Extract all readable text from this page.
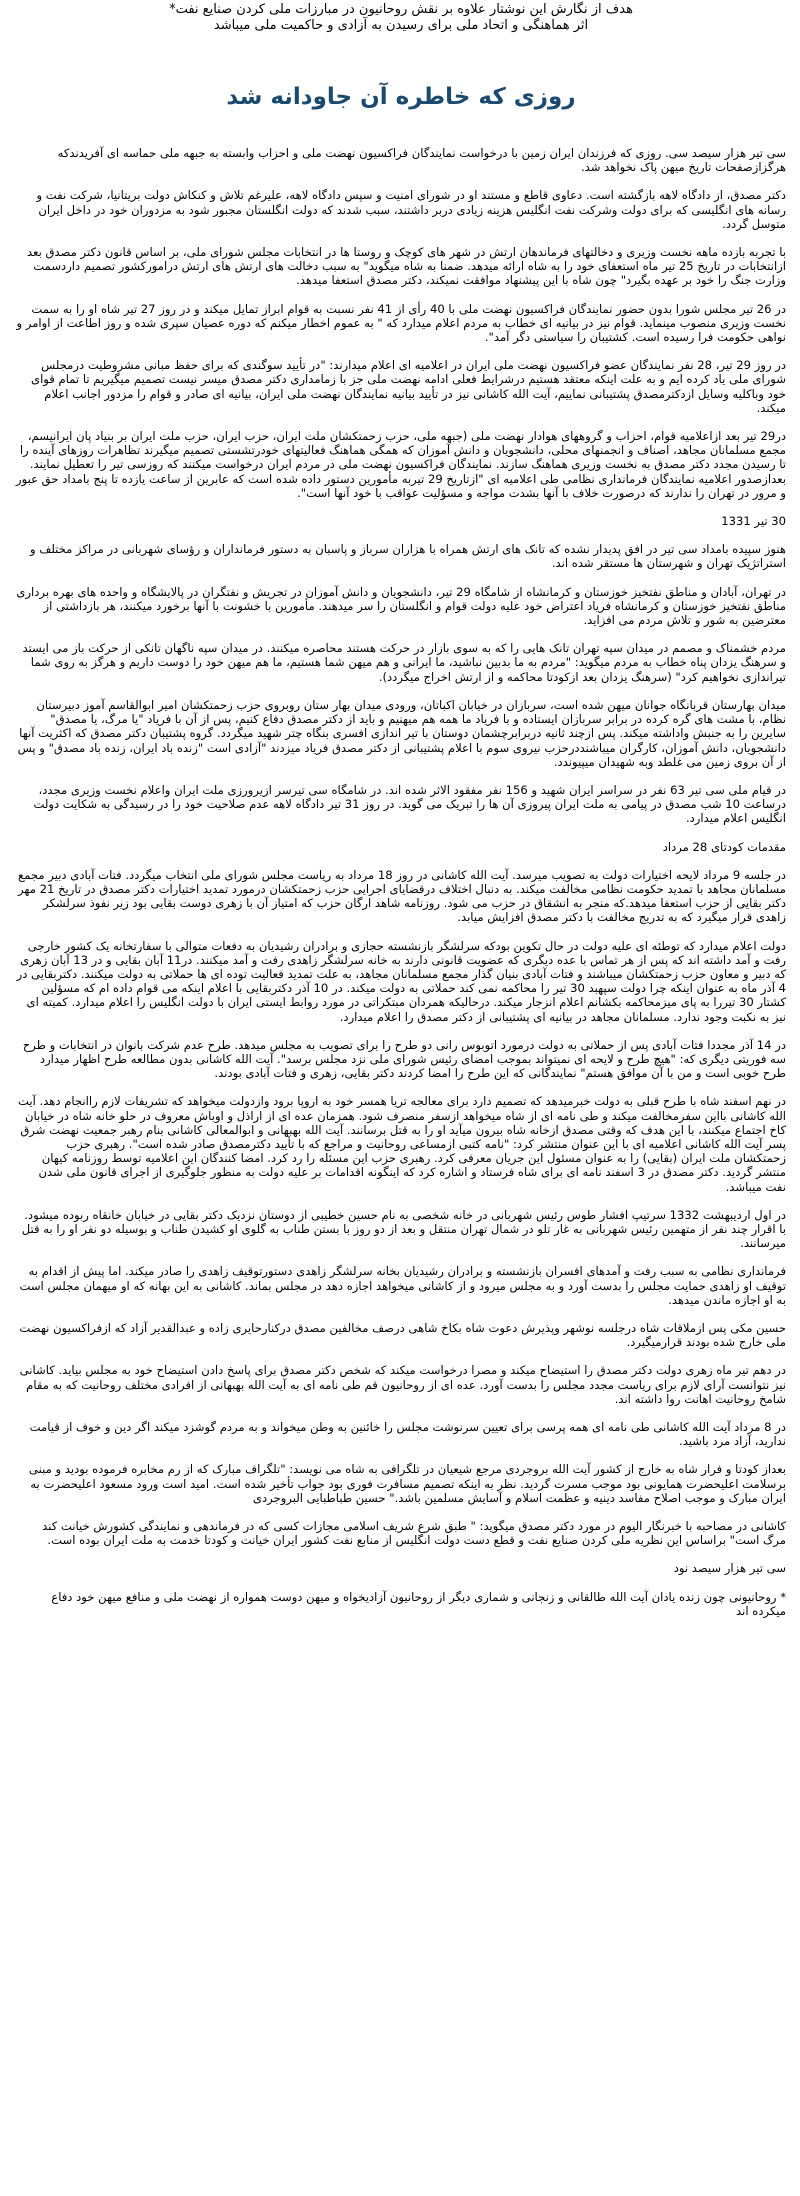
هدف از نگارش این نوشتار علاوه بر نقش روحانیون در مبارزات ملی کردن صنایع نفت*
اثر هماهنگی و اتحاد ملی برای رسیدن به آزادی و حاکمیت ملی میباشد
روزی که خاطره آن جاودانه شد

سی تیر هزار سیصد سی. روزی که فرزندان ایران زمین با درخواست نمایندگان فراکسیون نهضت ملی و احزاب وابسته به جبهه ملی حماسه ای آفریدندکه هرگزازصفحات تاریخ میهن پاک نخواهد شد.

دکتر مصدق، از دادگاه لاهه بازگشته است. دعاوی قاطع و مستند او در شورای امنیت و سپس دادگاه لاهه، علیرغم تلاش و کنکاش دولت بریتانیا، شرکت نفت و رسانه های انگلیسی که برای دولت وشرکت نفت انگلیس هزینه زیادی دربر داشتند، سبب شدند که دولت انگلستان مجبور شود به مزدوران خود در داخل ایران متوسل گردد.

با تجربه بازده ماهه نخست وزیری و دخالتهای فرماندهان ارتش در شهر های کوچک و روستا ها در انتخابات مجلس شورای ملی، بر اساس قانون دکتر مصدق بعد ازانتخابات در تاریخ 25 تیر ماه استعفای خود را به شاه ارائه میدهد. ضمنا به شاه میگوید" به سبب دخالت های ارتش های ارتش درامورکشور تصمیم داردسمت وزارت جنگ را خود بر عهده بگیرد" چون شاه با این پیشنهاد موافقت نمیکند، دکتر مصدق استعفا میدهد.

در 26 تیر مجلس شورا بدون حضور نمایندگان فراکسیون نهضت ملی با 40 رأی از 41 نفر نسبت به قوام ابراز تمایل میکند و در روز 27 تیر شاه او را به سمت نخست وزیری منصوب مینماید. قوام نیز در بیانیه ای خطاب به مردم اعلام میدارد که " به عموم اخطار میکنم که دوره عصیان سپری شده و روز اطاعت از اوامر و نواهی حکومت فرا رسیده است. کشتیبان را سیاستی دگر آمد".

در روز 29 تیر، 28 نفر نمایندگان عضو فراکسیون نهضت ملی ایران در اعلامیه ای اعلام میدارند: "در تأیید سوگندی که برای حفظ مبانی مشروطیت درمجلس شورای ملی یاد کرده ایم و به علت اینکه معتقد هستیم درشرایط فعلی ادامه نهضت ملی جز با زمامداری دکتر مصدق میسر نیست تصمیم میگیریم تا تمام قوای خود وباکلیه وسایل ازدکترمصدق پشتیبانی نماییم، آیت الله کاشانی نیز در تأیید بیانیه نمایندگان نهضت ملی ایران، بیانیه ای صادر و قوام را مزدور اجانب اعلام میکند.

در29 تیر بعد ازاعلامیه قوام، احزاب و گروههای هوادار نهضت ملی (جبهه ملی، حزب زحمتکشان ملت ایران، حزب ایران، حزب ملت ایران بر بنیاد پان ایرانیسم، مجمع مسلمانان مجاهد، اصناف و انجمنهای محلی، دانشجویان و دانش آموزان که همگی هماهنگ فعالیتهای خودرتشستی تصمیم میگیرند تظاهرات روزهای آینده را تا رسیدن مجدد دکتر مصدق به نخست وزیری هماهنگ سازند. نمایندگان فراکسیون نهضت ملی در مردم ایران درخواست میکنند که روزسی تیر را تعطیل نمایند. بعدازصدور اعلامیه نمایندگان فرمانداری نظامی طی اعلامیه ای "ازتاریخ 29 تیربه مأمورین دستور داده شده است که عابرین از ساعت یازده تا پنج بامداد حق عبور و مرور در تهران را ندارند که درصورت خلاف با آنها بشدت مواجه و مسؤلیت عواقب با خود آنها است".

30 تیر 1331

هنوز سپیده بامداد سی تیر در افق پدیدار نشده که تانک های ارتش همراه با هزاران سرباز و پاسبان به دستور فرمانداران و رؤسای شهربانی در مراکز مختلف و استراتژیک تهران و شهرستان ها مستقر شده اند.

در تهران، آبادان و مناطق نفتخیز خوزستان و کرمانشاه از شامگاه 29 تیر، دانشجویان و دانش آموزان در تجریش و نفتگران در پالایشگاه و واحده های بهره برداری مناطق نفتخیز خوزستان و کرمانشاه فریاد اعتراض خود علیه دولت قوام و انگلستان را سر میدهند. مأمورین با خشونت با آنها برخورد میکنند، هر بازداشتی از معترضین به شور و تلاش مردم می افزاید.

مردم خشمناک و مصمم در میدان سپه تهران تانک هایی را که به سوی بازار در حرکت هستند محاصره میکنند. در میدان سپه ناگهان تانکی از حرکت باز می ایستد و سرهنگ یزدان پناه خطاب به مردم میگوید: "مردم به ما بدبین نباشید، ما ایرانی و هم میهن شما هستیم، ما هم میهن خود را دوست داریم و هرگز به روی شما تیراندازی نخواهیم کرد" (سرهنگ یزدان بعد ازکودتا محاکمه و از ارتش اخراج میگردد).

میدان بهارستان قربانگاه جوانان میهن شده است، سربازان در خیابان اکباتان، ورودی میدان بهار ستان روبروی حزب زحمتکشان امیر ابوالقاسم آموز دبیرستان نظام، با مشت های گره کرده در برابر سربازان ایستاده و با فریاد ما همه هم میهنیم و باید از دکتر مصدق دفاع کنیم، پس از آن با فریاد "یا مرگ، یا مصدق" سایرین را به جنبش واداشته میکند. پس ازچند ثانیه دربرابرچشمان دوستان با تیر اندازی افسری بنگاه چتر شهید میگردد. گروه پشتیبان دکتر مصدق که اکثریت آنها دانشجویان، دانش آموزان، کارگران میباشنددرحزب نیروی سوم با اعلام پشتیبانی از دکتر مصدق فریاد میزدند "آزادی است "زنده باد ایران، زنده باد مصدق" و پس از آن بروی زمین می غلطد وبه شهیدان میپیوندد.

در قیام ملی سی تیر 63 نفر در سراسر ایران شهید و 156 نفر مفقود الاثر شده اند. در شامگاه سی تیرسر ازیرورزی ملت ایران واعلام نخست وزیری مجدد، درساعت 10 شب مصدق در پیامی به ملت ایران پیروزی آن ها را تبریک می گوید. در روز 31 تیر دادگاه لاهه عدم صلاحیت خود را در رسیدگی به شکایت دولت انگلیس اعلام میدارد.

مقدمات کودتای 28 مرداد

در جلسه 9 مرداد لایحه اختیارات دولت به تصویب میرسد. آیت الله کاشانی در روز 18 مرداد به ریاست مجلس شورای ملی انتخاب میگردد. فتات آبادی دبیر مجمع مسلمانان مجاهد با تمدید حکومت نظامی مخالفت میکند. به دنبال اختلاف درقضایای اجرایی حزب زحمتکشان درمورد تمدید اختیارات دکتر مصدق در تاریخ 21 مهر دکتر بقایی از حزب استعفا میدهد.که منجر به انشقاق در حزب می شود. روزنامه شاهد ارگان حزب که امتیاز آن با زهری دوست بقایی بود زیر نفوذ سرلشکر زاهدی قرار میگیرد که به تدریج مخالفت با دکتر مصدق افزایش میابد.

دولت اعلام میدارد که توطئه ای علیه دولت در حال تکوین بودکه سرلشگر بازنشسته حجازی و برادران رشیدیان به دفعات متوالی با سفارتخانه یک کشور خارجی رفت و آمد داشته اند که پس از هر تماس با عده دیگری که عضویت قانونی دارند به خانه سرلشگر زاهدی رفت و آمد میکنند. در11 آبان بقایی و در 13 آبان زهری که دبیر و معاون حزب زحمتکشان میباشند و فتات آبادی بنیان گذار مجمع مسلمانان مجاهد، به علت تمدید فعالیت توده ای ها حملاتی به دولت میکنند. دکتربقایی در 4 آذر ماه به عنوان اینکه چرا دولت سپهبد 30 تیر را محاکمه نمی کند حملاتی به دولت میکند. در 10 آذر دکتربقایی با اعلام اینکه می قوام داده ام که مسؤلین کشتار 30 تیررا به پای میزمحاکمه بکشانم اعلام انزجار میکند. درحالیکه همردان مبتکراتی در مورد روابط ایستی ایران با دولت انگلیس را اعلام میدارد. کمیته ای نیز به نکبت وجود ندارد. مسلمانان مجاهد در بیانیه ای پشتیبانی از دکتر مصدق را اعلام میدارد.

در 14 آذر مجددا فتات آبادی پس از حملاتی به دولت درمورد اتوبوس رانی دو طرح را برای تصویب به مجلس میدهد. طرح عدم شرکت بانوان در انتخابات و طرح سه فوریتی دیگری که: "هیچ طرح و لایحه ای نمیتواند بموجب امضای رئیس شورای ملی نزد مجلس برسد". آیت الله کاشانی بدون مطالعه طرح اظهار میدارد طرح خوبی است و من با آن موافق هستم" نمایندگانی که این طرح را امضا کردند دکتر بقایی، زهری و فتات آبادی بودند.

در نهم اسفند شاه با طرح قبلی به دولت خبرمیدهد که تصمیم دارد برای معالجه تریا همسر خود به اروپا برود وازدولت میخواهد که تشریفات لازم راانجام دهد. آیت الله کاشانی بااین سفرمخالفت میکند و طی نامه ای از شاه میخواهد ازسفر منصرف شود. همزمان عده ای از اراذل و اوباش معروف در حلو خانه شاه در خیابان کاخ اجتماع میکنند، با این هدف که وقتی مصدق ازخانه شاه بیرون میآید او را به قتل برسانند. آیت الله بهبهانی و ابوالمعالی کاشانی بنام رهبر جمعیت نهضت شرق پسر آیت الله کاشانی اعلامیه ای با این عنوان منتشر کرد: "نامه کتبی ازمساعی روحانیت و مراجع که با تأیید دکترمصدق صادر شده است". رهبری حزب زحمتکشان ملت ایران (بقایی) را به عنوان مسئول این جریان معرفی کرد. رهبری حزب این مسئله را رد کرد. امضا کنندگان این اعلامیه توسط روزنامه کیهان منتشر گردید. دکتر مصدق در 3 اسفند نامه ای برای شاه فرستاد و اشاره کرد که اینگونه اقدامات بر علیه دولت به منظور جلوگیری از اجرای قانون ملی شدن نفت میباشد.

در اول اردیبهشت 1332 سرتیپ افشار طوس رئیس شهربانی در خانه شخصی به نام حسین خطیبی از دوستان نزدیک دکتر بقایی در خیابان خانقاه ربوده میشود. با اقرار چند نفر از متهمین رئیس شهربانی به غار تلو در شمال تهران منتقل و بعد از دو روز با بستن طناب به گلوی او کشیدن طناب و بوسیله دو نفر او را به قتل میرسانند.

فرمانداری نظامی به سبب رفت و آمدهای افسران بازنشسته و برادران رشیدیان بخانه سرلشگر زاهدی دستورتوقیف زاهدی را صادر میکند. اما پیش از اقدام به توقیف او زاهدی حمایت مجلس را بدست آورد و به مجلس میرود و از کاشانی میخواهد اجازه دهد در مجلس بماند. کاشانی به این بهانه که او میهمان مجلس است به او اجازه ماندن میدهد.

حسین مکی پس ازملاقات شاه درجلسه نوشهر وپذیرش دعوت شاه بکاخ شاهی درصف مخالفین مصدق درکنارحایری زاده و عبدالقدیر آزاد که ازفراکسیون نهضت ملی خارج شده بودند قرارمیگیرد.

در دهم تیر ماه زهری دولت دکتر مصدق را استیضاح میکند و مصرا درخواست میکند که شخص دکتر مصدق برای پاسخ دادن استیضاح خود به مجلس بیاید. کاشانی نیز نتوانست آرای لازم برای ریاست مجدد مجلس را بدست آورد. عده ای از روحانیون قم طی نامه ای به آیت الله بهبهانی از افرادی مختلف روحانیت که به مقام شامخ روحانیت اهانت روا داشته اند.

در 8 مرداد آیت الله کاشانی طی نامه ای همه پرسی برای تعیین سرنوشت مجلس را خائنین به وطن میخواند و به مردم گوشزد میکند اگر دین و خوف از قیامت ندارید، آزاد مرد باشید.

بعداز کودتا و فرار شاه به خارج از کشور آیت الله بروجردی مرجع شیعیان در تلگرافی به شاه می نویسد: "تلگراف مبارک که از رم مخابره فرموده بودید و مبنی برسلامت اعلیحضرت همایونی بود موجب مسرت گردید. نظر به اینکه تصمیم مسافرت فوری بود جواب تأخیر شده است. امید است ورود مسعود اعلیحضرت به ایران مبارک و موجب اصلاح مفاسد دینیه و عظمت اسلام و آسایش مسلمین باشد." حسین طباطبایی البروجردی

کاشانی در مصاحبه با خبرنگار الیوم در مورد دکتر مصدق میگوید: " طبق شرع شریف اسلامی مجازات کسی که در فرماندهی و نمایندگی کشورش خیانت کند مرگ است" براساس این نظریه ملی کردن صنایع نفت و قطع دست دولت انگلیس از منابع نفت کشور ایران خیانت و کودتا خدمت به ملت ایران بوده است.

سی تیر هزار سیصد نود

* روحانیونی چون زنده یادان آیت الله طالقانی و زنجانی و شماری دیگر از روحانیون آزادیخواه و میهن دوست همواره از نهضت ملی و منافع میهن خود دفاع میکرده اند
